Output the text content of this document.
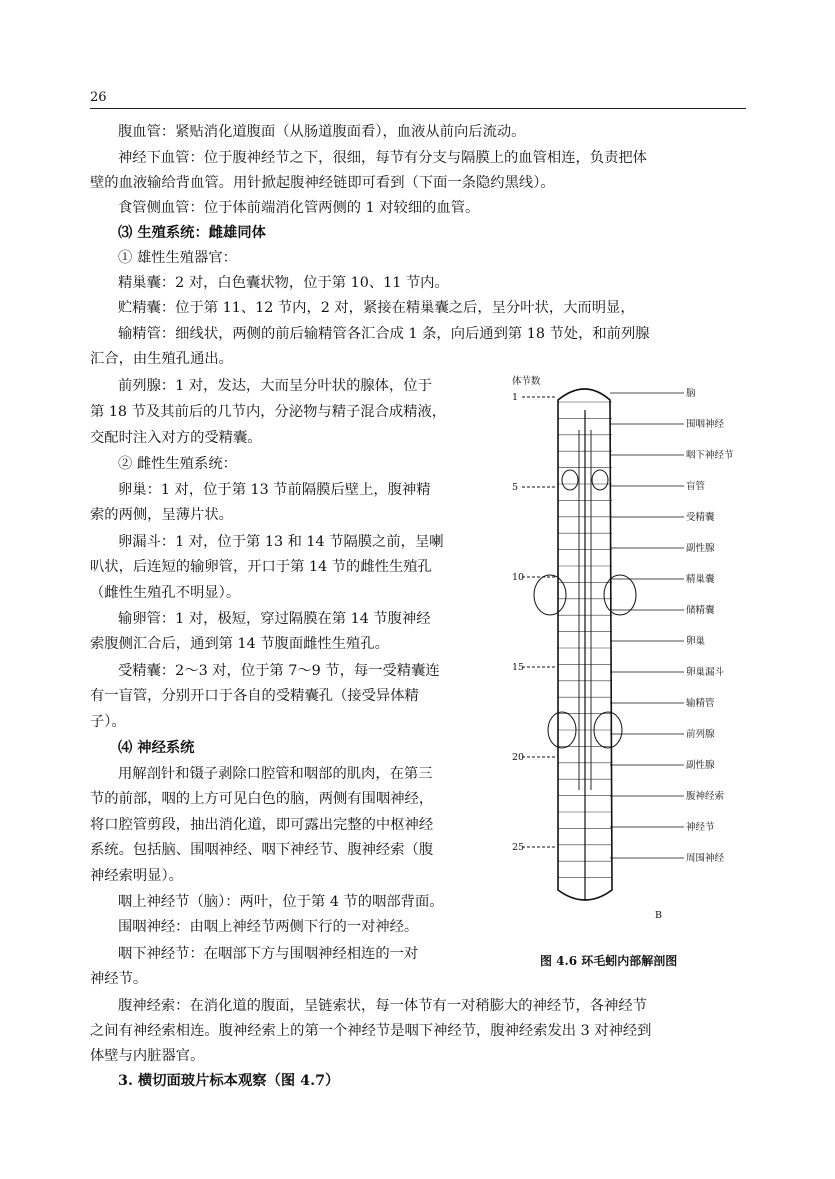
26
腹血管：紧贴消化道腹面（从肠道腹面看），血液从前向后流动。
神经下血管：位于腹神经节之下，很细，每节有分支与隔膜上的血管相连，负责把体
壁的血液输给背血管。用针掀起腹神经链即可看到（下面一条隐约黑线）。
食管侧血管：位于体前端消化管两侧的 1 对较细的血管。
⑶ 生殖系统：雌雄同体
① 雄性生殖器官：
精巢囊：2 对，白色囊状物，位于第 10、11 节内。
贮精囊：位于第 11、12 节内，2 对，紧接在精巢囊之后，呈分叶状，大而明显，
输精管：细线状，两侧的前后输精管各汇合成 1 条，向后通到第 18 节处，和前列腺
汇合，由生殖孔通出。
前列腺：1 对，发达，大而呈分叶状的腺体，位于
第 18 节及其前后的几节内，分泌物与精子混合成精液，
交配时注入对方的受精囊。
② 雌性生殖系统：
卵巢：1 对，位于第 13 节前隔膜后壁上，腹神精
索的两侧，呈薄片状。
卵漏斗：1 对，位于第 13 和 14 节隔膜之前，呈喇
叭状，后连短的输卵管，开口于第 14 节的雌性生殖孔
（雌性生殖孔不明显）。
输卵管：1 对，极短，穿过隔膜在第 14 节腹神经
索腹侧汇合后，通到第 14 节腹面雌性生殖孔。
受精囊：2～3 对，位于第 7～9 节，每一受精囊连
有一盲管，分别开口于各自的受精囊孔（接受异体精
子）。
⑷ 神经系统
用解剖针和镊子剥除口腔管和咽部的肌肉，在第三
节的前部，咽的上方可见白色的脑，两侧有围咽神经，
将口腔管剪段，抽出消化道，即可露出完整的中枢神经
系统。包括脑、围咽神经、咽下神经节、腹神经索（腹
神经索明显）。
咽上神经节（脑）：两叶，位于第 4 节的咽部背面。
围咽神经：由咽上神经节两侧下行的一对神经。
咽下神经节：在咽部下方与围咽神经相连的一对
神经节。
腹神经索：在消化道的腹面，呈链索状，每一体节有一对稍膨大的神经节，各神经节
之间有神经索相连。腹神经索上的第一个神经节是咽下神经节，腹神经索发出 3 对神经到
体壁与内脏器官。
3. 横切面玻片标本观察（图 4.7）
体节数
1
5
10
15
20
25
脑
围咽神经
咽下神经节
盲管
受精囊
副性腺
精巢囊
储精囊
卵巢
卵巢漏斗
输精管
前列腺
副性腺
腹神经索
神经节
周围神经
B
图 4.6 环毛蚓内部解剖图
